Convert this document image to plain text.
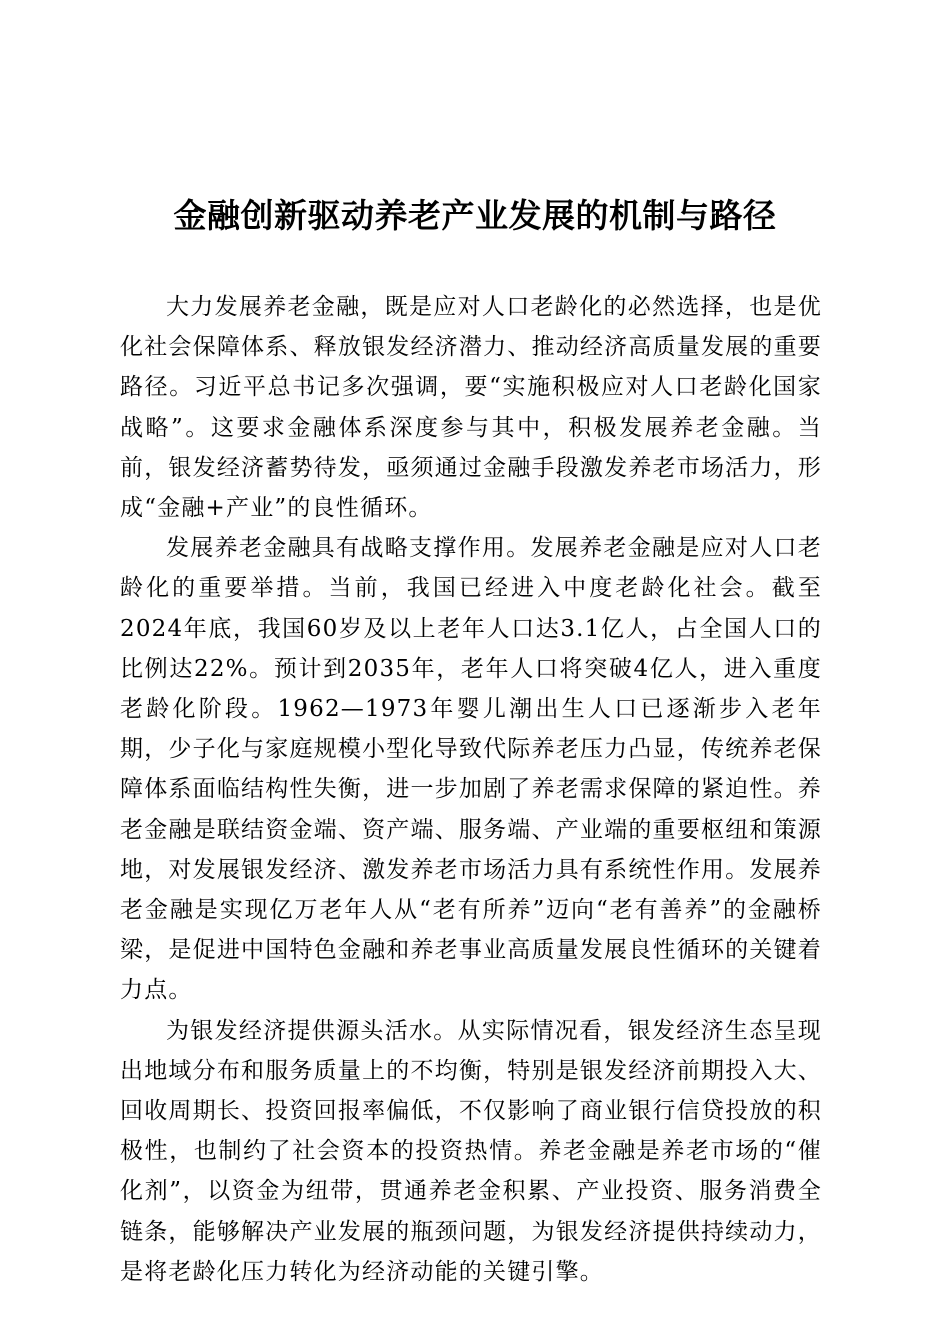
金融创新驱动养老产业发展的机制与路径

大力发展养老金融，既是应对人口老龄化的必然选择，也是优化社会保障体系、释放银发经济潜力、推动经济高质量发展的重要路径。习近平总书记多次强调，要“实施积极应对人口老龄化国家战略”。这要求金融体系深度参与其中，积极发展养老金融。当前，银发经济蓄势待发，亟须通过金融手段激发养老市场活力，形成“金融+产业”的良性循环。

发展养老金融具有战略支撑作用。发展养老金融是应对人口老龄化的重要举措。当前，我国已经进入中度老龄化社会。截至2024年底，我国60岁及以上老年人口达3.1亿人，占全国人口的比例达22%。预计到2035年，老年人口将突破4亿人，进入重度老龄化阶段。1962—1973年婴儿潮出生人口已逐渐步入老年期，少子化与家庭规模小型化导致代际养老压力凸显，传统养老保障体系面临结构性失衡，进一步加剧了养老需求保障的紧迫性。养老金融是联结资金端、资产端、服务端、产业端的重要枢纽和策源地，对发展银发经济、激发养老市场活力具有系统性作用。发展养老金融是实现亿万老年人从“老有所养”迈向“老有善养”的金融桥梁，是促进中国特色金融和养老事业高质量发展良性循环的关键着力点。

为银发经济提供源头活水。从实际情况看，银发经济生态呈现出地域分布和服务质量上的不均衡，特别是银发经济前期投入大、回收周期长、投资回报率偏低，不仅影响了商业银行信贷投放的积极性，也制约了社会资本的投资热情。养老金融是养老市场的“催化剂”，以资金为纽带，贯通养老金积累、产业投资、服务消费全链条，能够解决产业发展的瓶颈问题，为银发经济提供持续动力，是将老龄化压力转化为经济动能的关键引擎。
